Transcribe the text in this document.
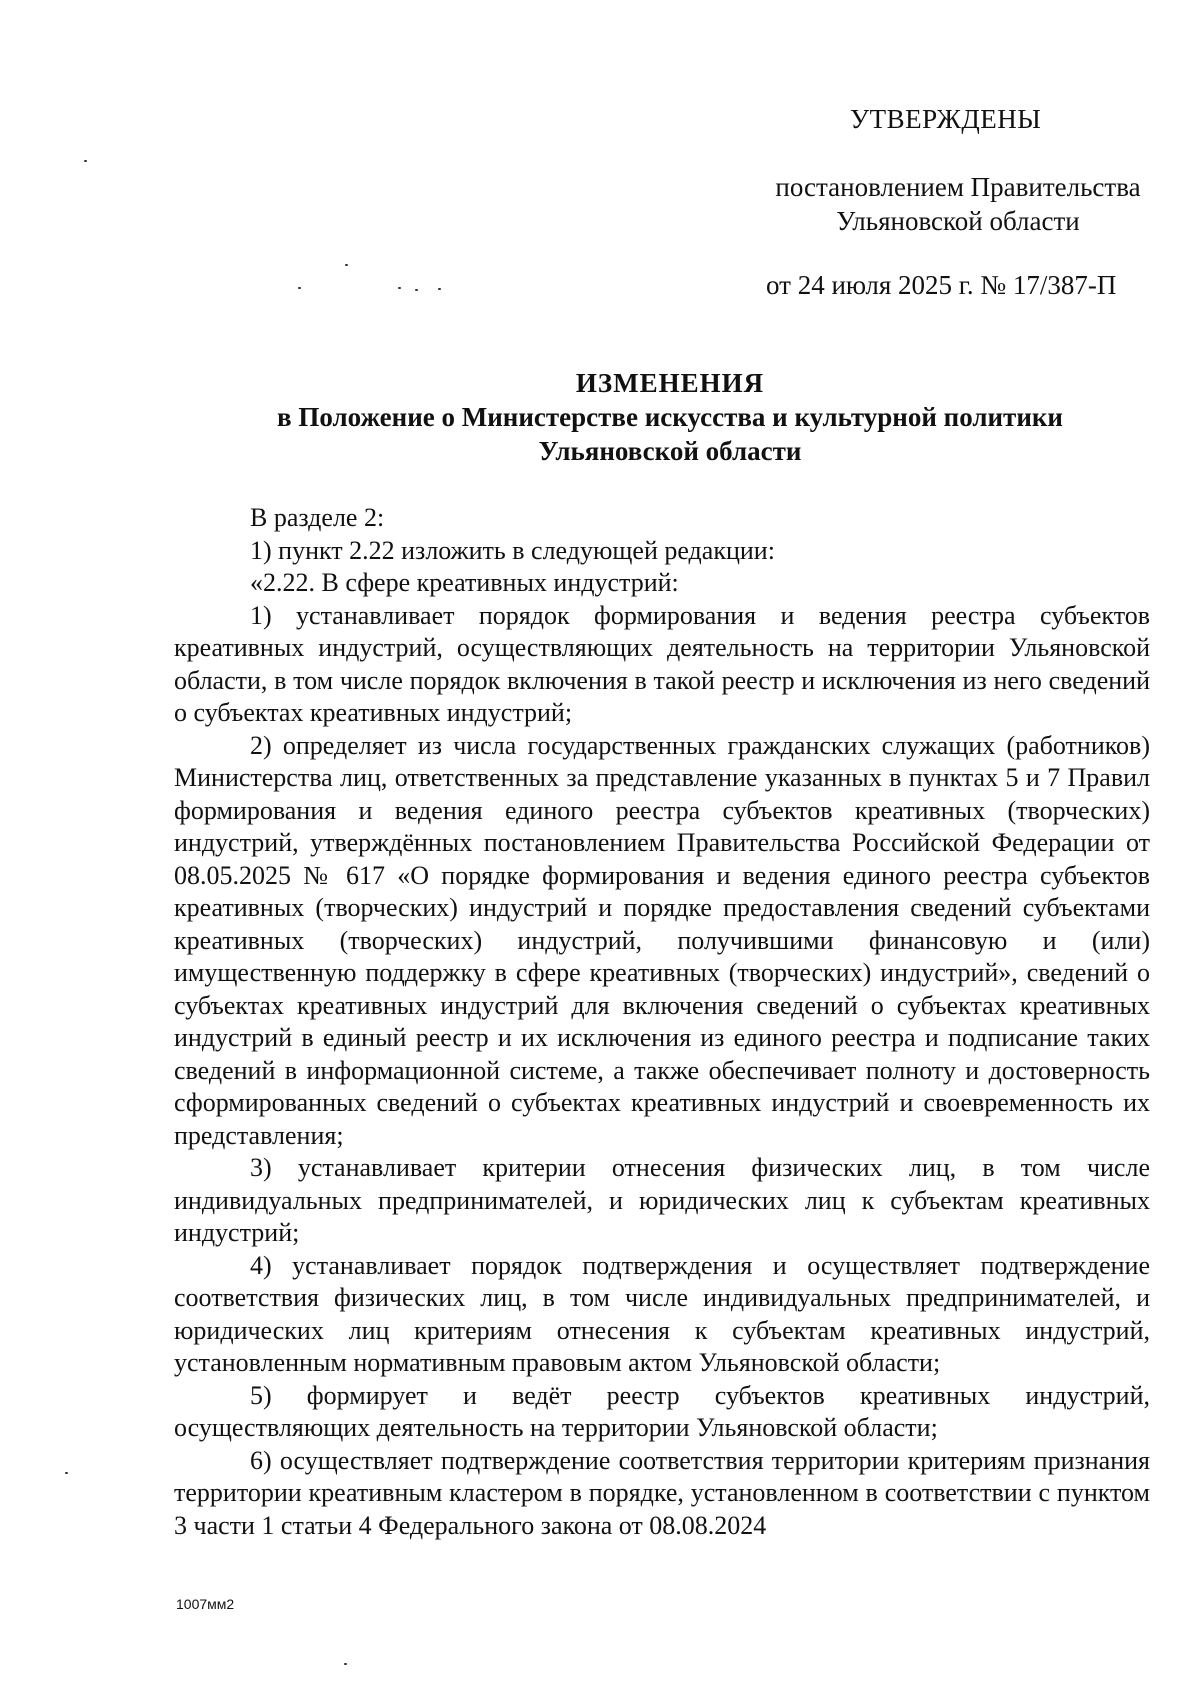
УТВЕРЖДЕНЫ
постановлением Правительства
Ульяновской области
от 24 июля 2025 г. № 17/387-П
ИЗМЕНЕНИЯ
в Положение о Министерстве искусства и культурной политики
Ульяновской области

В разделе 2:

1) пункт 2.22 изложить в следующей редакции:

«2.22. В сфере креативных индустрий:

1) устанавливает порядок формирования и ведения реестра субъектов креативных индустрий, осуществляющих деятельность на территории Ульяновской области, в том числе порядок включения в такой реестр и исключения из него сведений о субъектах креативных индустрий;

2) определяет из числа государственных гражданских служащих (работников) Министерства лиц, ответственных за представление указанных в пунктах 5 и 7 Правил формирования и ведения единого реестра субъектов креативных (творческих) индустрий, утверждённых постановлением Правительства Российской Федерации от 08.05.2025 № 617 «О порядке формирования и ведения единого реестра субъектов креативных (творческих) индустрий и порядке предоставления сведений субъектами креативных (творческих) индустрий, получившими финансовую и (или) имущественную поддержку в сфере креативных (творческих) индустрий», сведений о субъектах креативных индустрий для включения сведений о субъектах креативных индустрий в единый реестр и их исключения из единого реестра и подписание таких сведений в информационной системе, а также обеспечивает полноту и достоверность сформированных сведений о субъектах креативных индустрий и своевременность их представления;

3) устанавливает критерии отнесения физических лиц, в том числе индивидуальных предпринимателей, и юридических лиц к субъектам креативных индустрий;

4) устанавливает порядок подтверждения и осуществляет подтверждение соответствия физических лиц, в том числе индивидуальных предпринимателей, и юридических лиц критериям отнесения к субъектам креативных индустрий, установленным нормативным правовым актом Ульяновской области;

5) формирует и ведёт реестр субъектов креативных индустрий, осуществляющих деятельность на территории Ульяновской области;

6) осуществляет подтверждение соответствия территории критериям признания территории креативным кластером в порядке, установленном в соответствии с пунктом 3 части 1 статьи 4 Федерального закона от 08.08.2024

1007мм2
